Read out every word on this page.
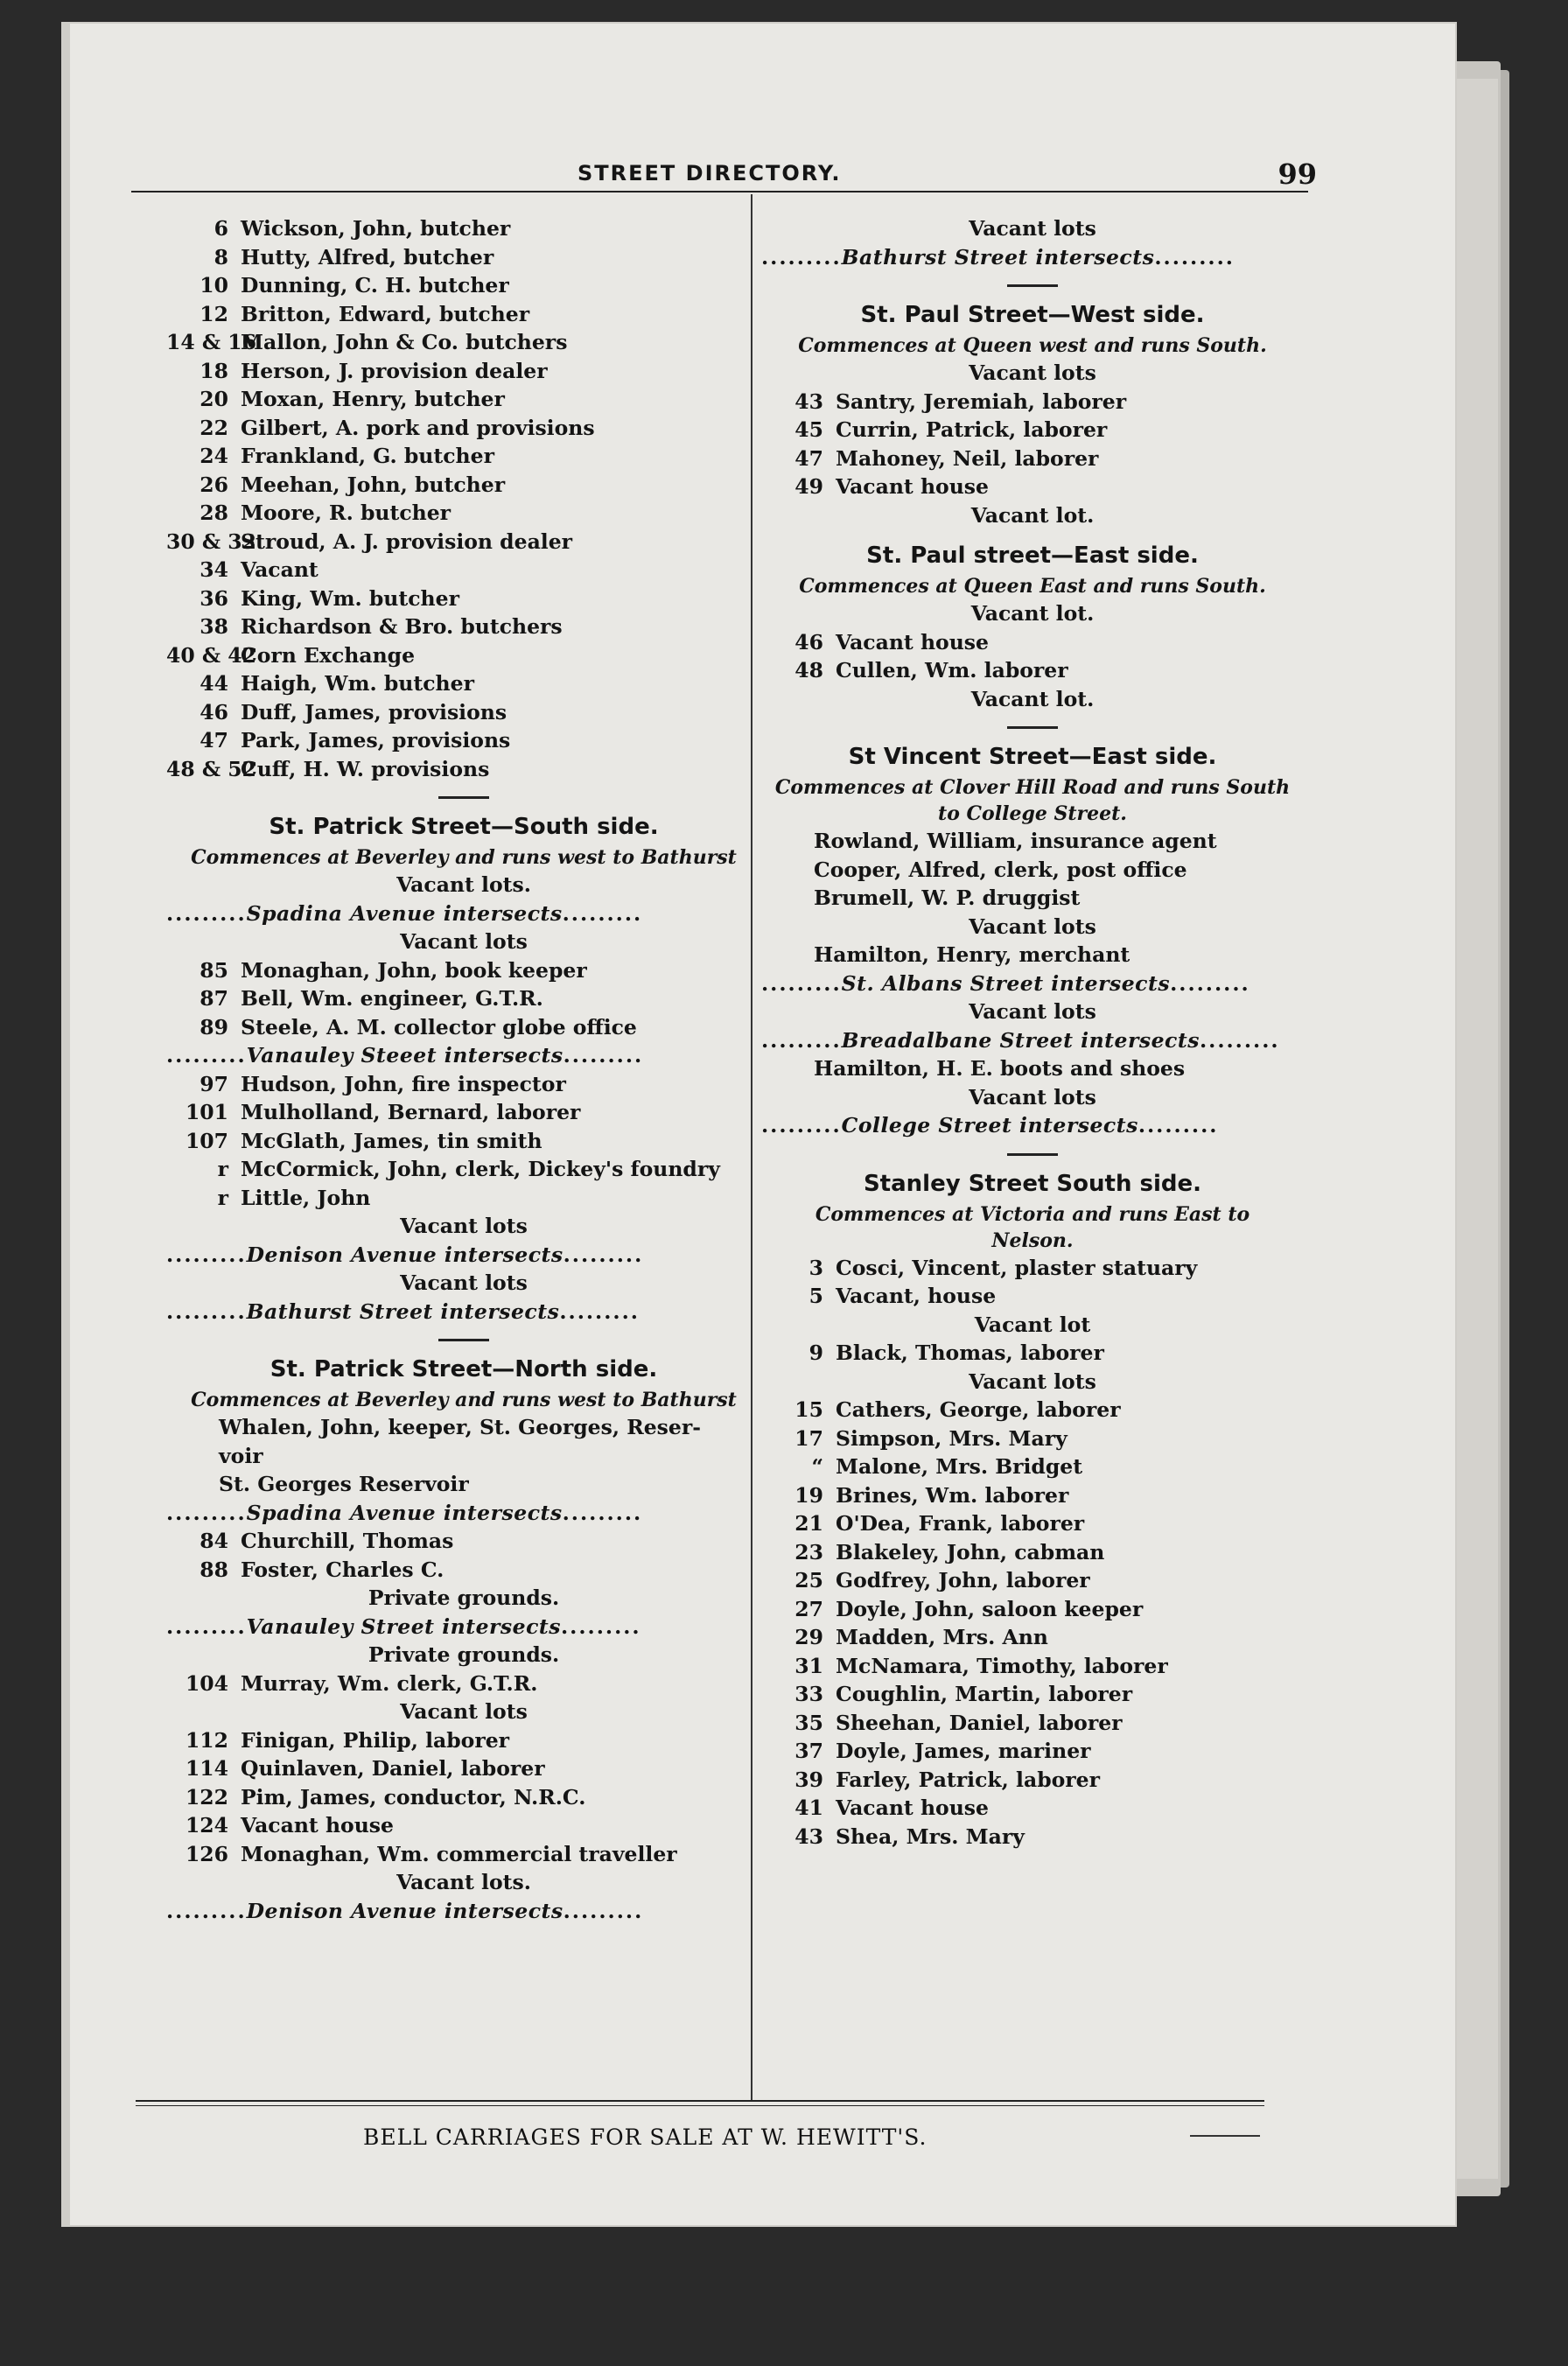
STREET DIRECTORY.	99
6 Wickson, John, butcher
8 Hutty, Alfred, butcher
10 Dunning, C. H. butcher
12 Britton, Edward, butcher
14 & 16Mallon, John & Co. butchers
18 Herson, J. provision dealer
20 Moxan, Henry, butcher
22 Gilbert, A. pork and provisions
24 Frankland, G. butcher
26 Meehan, John, butcher
28 Moore, R. butcher
30 & 32Stroud, A. J. provision dealer
34 Vacant
36 King, Wm. butcher
38 Richardson & Bro. butchers
40 & 42Corn Exchange
44 Haigh, Wm. butcher
46 Duff, James, provisions
47 Park, James, provisions
48 & 52Cuff, H. W. provisions
St. Patrick Street—South side.
Commences at Beverley and runs west to Bathurst
Vacant lots.
.........Spadina Avenue intersects.........
Vacant lots
85 Monaghan, John, book keeper
87 Bell, Wm. engineer, G.T.R.
89 Steele, A. M. collector globe office
.........Vanauley Steeet intersects.........
97 Hudson, John, fire inspector
101 Mulholland, Bernard, laborer
107 McGlath, James, tin smith
r McCormick, John, clerk, Dickey's foundry
r Little, John
Vacant lots
.........Denison Avenue intersects.........
Vacant lots
.........Bathurst Street intersects.........
St. Patrick Street—North side.
Commences at Beverley and runs west to Bathurst
Whalen, John, keeper, St. Georges, Reser-
voir
St. Georges Reservoir
.........Spadina Avenue intersects.........
84 Churchill, Thomas
88 Foster, Charles C.
Private grounds.
.........Vanauley Street intersects.........
Private grounds.
104 Murray, Wm. clerk, G.T.R.
Vacant lots
112 Finigan, Philip, laborer
114 Quinlaven, Daniel, laborer
122 Pim, James, conductor, N.R.C.
124 Vacant house
126 Monaghan, Wm. commercial traveller
Vacant lots.
.........Denison Avenue intersects.........
Vacant lots
.........Bathurst Street intersects.........
St. Paul Street—West side.
Commences at Queen west and runs South.
Vacant lots
43 Santry, Jeremiah, laborer
45 Currin, Patrick, laborer
47 Mahoney, Neil, laborer
49 Vacant house
Vacant lot.
St. Paul street—East side.
Commences at Queen East and runs South.
Vacant lot.
46 Vacant house
48 Cullen, Wm. laborer
Vacant lot.
St Vincent Street—East side.
Commences at Clover Hill Road and runs South
to College Street.
Rowland, William, insurance agent
Cooper, Alfred, clerk, post office
Brumell, W. P. druggist
Vacant lots
Hamilton, Henry, merchant
.........St. Albans Street intersects.........
Vacant lots
.........Breadalbane Street intersects.........
Hamilton, H. E. boots and shoes
Vacant lots
.........College Street intersects.........
Stanley Street South side.
Commences at Victoria and runs East to
Nelson.
3 Cosci, Vincent, plaster statuary
5 Vacant, house
Vacant lot
9 Black, Thomas, laborer
Vacant lots
15 Cathers, George, laborer
17 Simpson, Mrs. Mary
“ Malone, Mrs. Bridget
19 Brines, Wm. laborer
21 O'Dea, Frank, laborer
23 Blakeley, John, cabman
25 Godfrey, John, laborer
27 Doyle, John, saloon keeper
29 Madden, Mrs. Ann
31 McNamara, Timothy, laborer
33 Coughlin, Martin, laborer
35 Sheehan, Daniel, laborer
37 Doyle, James, mariner
39 Farley, Patrick, laborer
41 Vacant house
43 Shea, Mrs. Mary
BELL CARRIAGES FOR SALE AT W. HEWITT'S.
